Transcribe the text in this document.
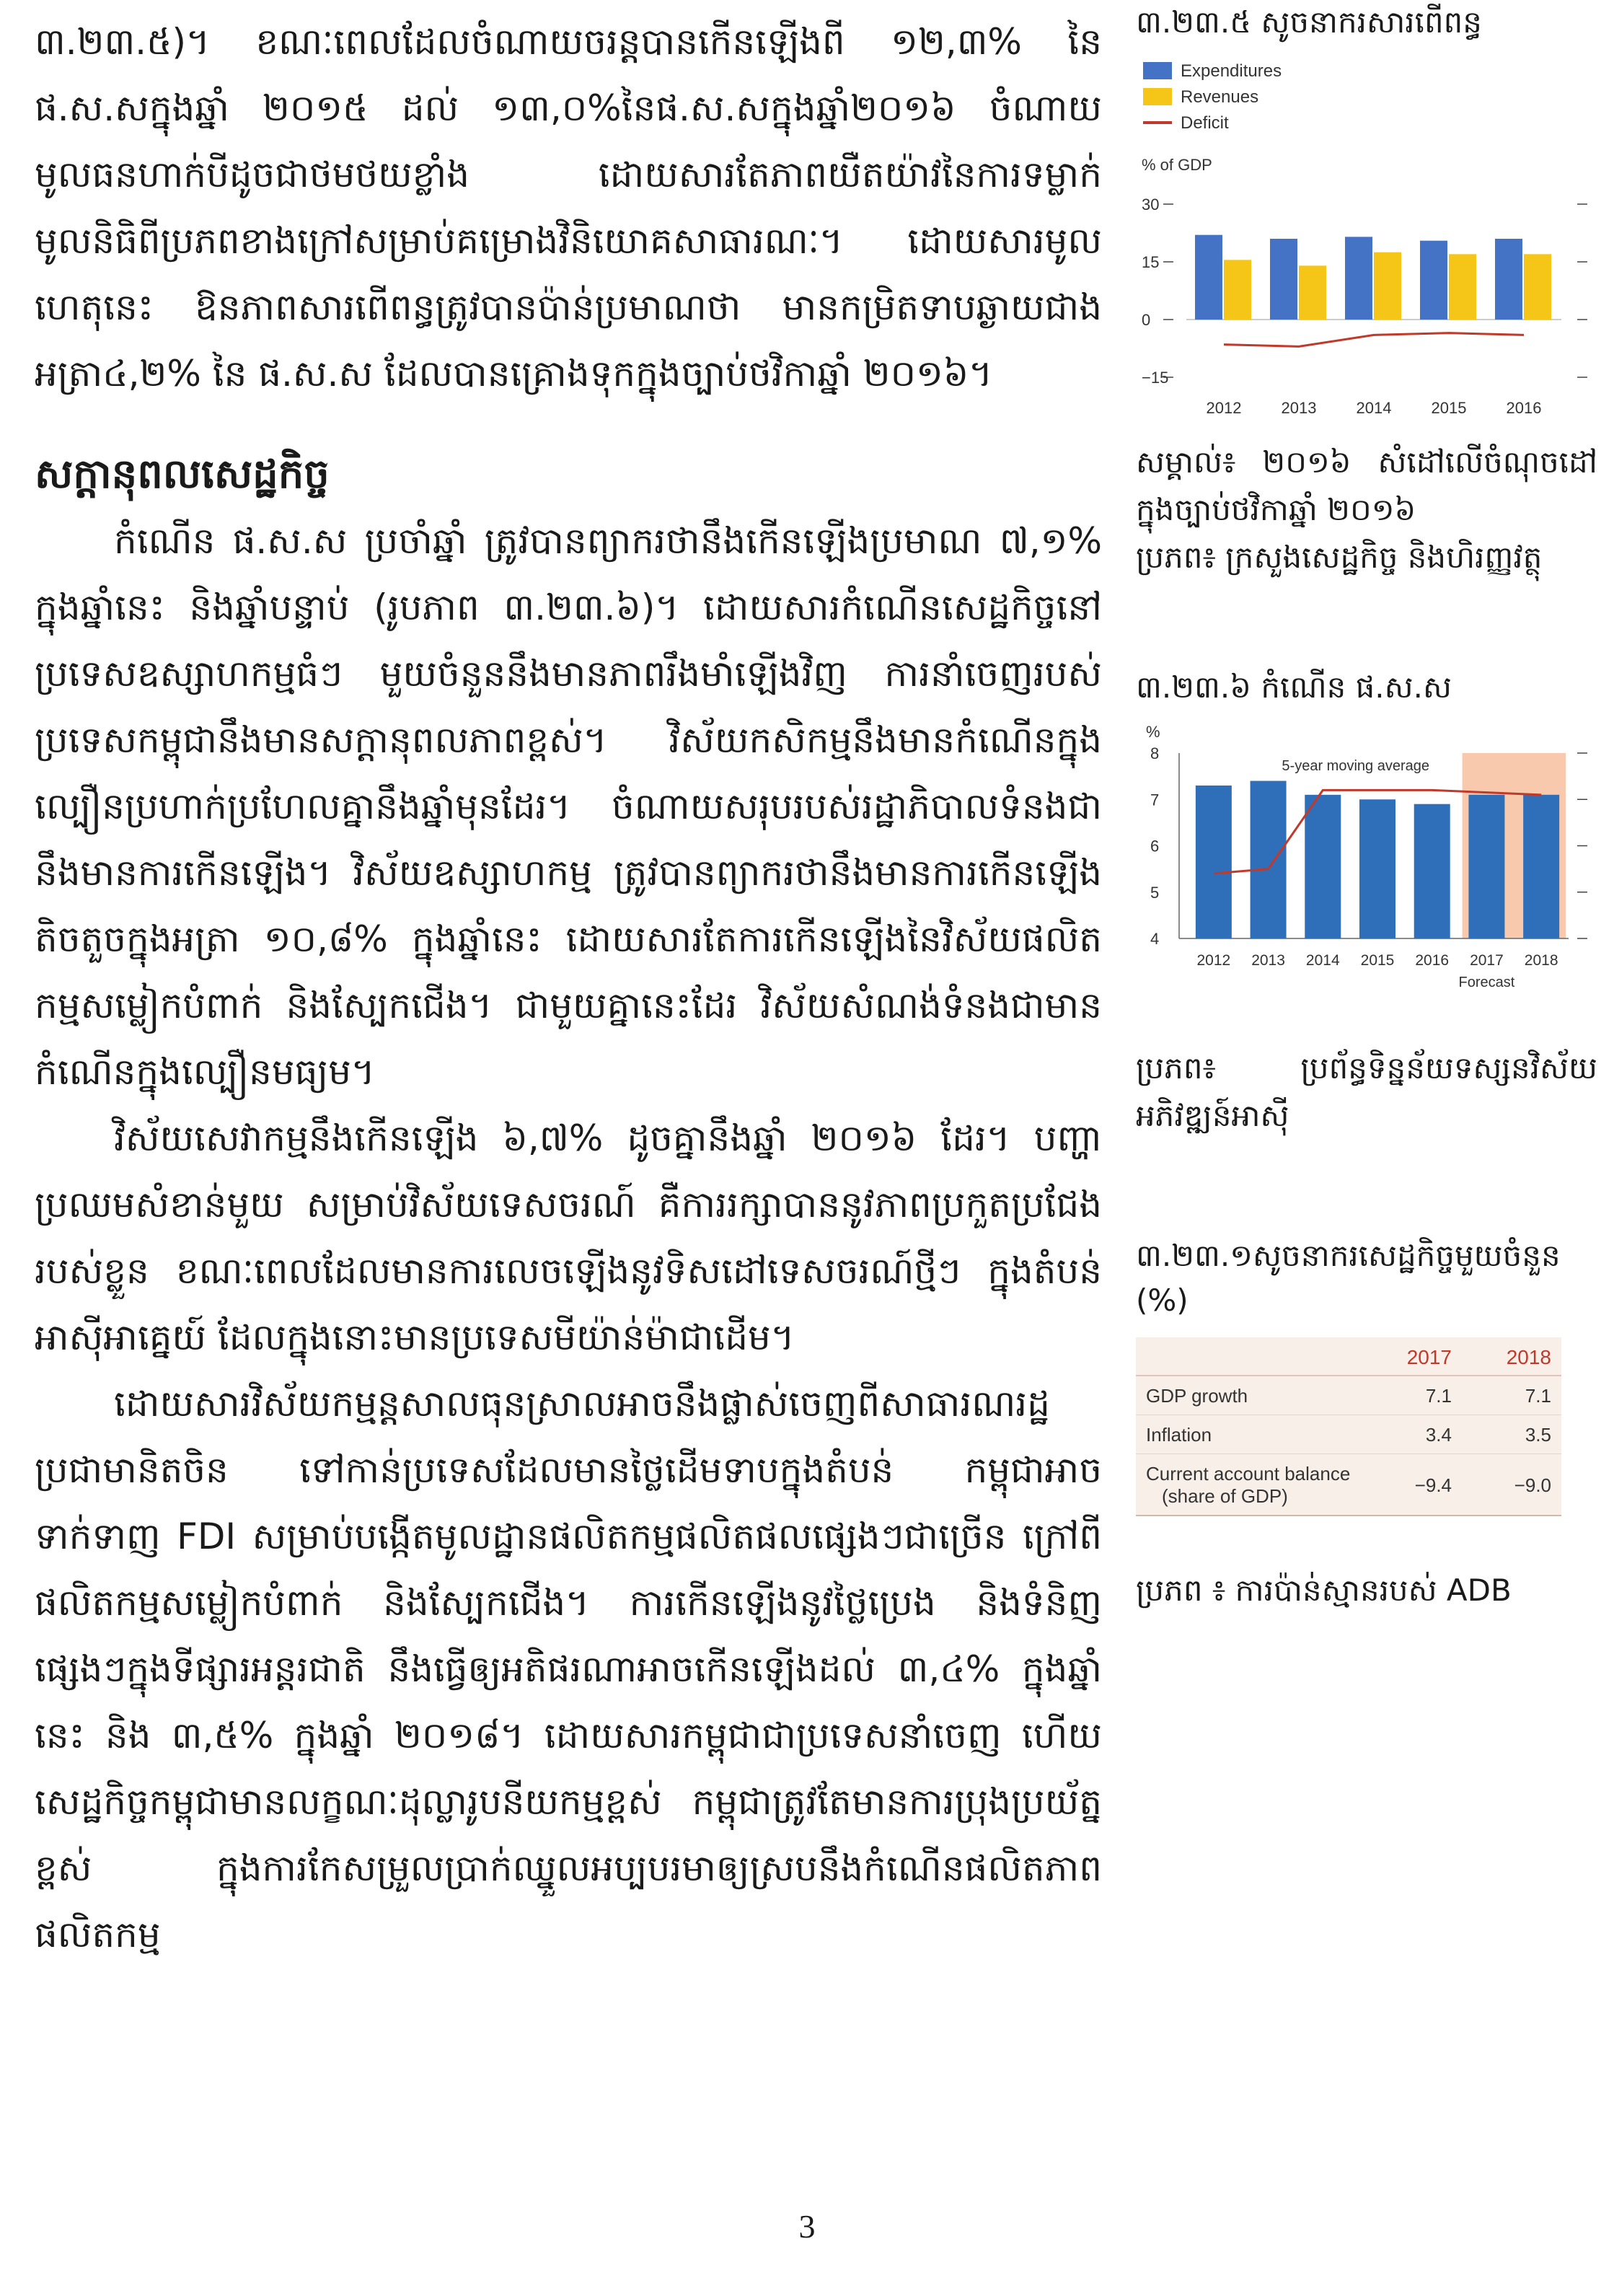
៣.២៣.៥)។ ខណៈពេលដែលចំណាយចរន្តបានកើនឡើងពី ១២,៣% នៃ ផ.ស.សក្នុងឆ្នាំ ២០១៥ ដល់ ១៣,០%នៃផ.ស.សក្នុងឆ្នាំ២០១៦ ចំណាយមូលធនហាក់បីដូចជាថមថយខ្លាំង ដោយសារតែភាពយឺតយ៉ាវនៃការទម្លាក់មូលនិធិពីប្រភពខាងក្រៅសម្រាប់គម្រោងវិនិយោគសាធារណៈ។ ដោយសារមូលហេតុនេះ ឱនភាពសារពើពន្ធត្រូវបានប៉ាន់ប្រមាណថា មានកម្រិតទាបឆ្ងាយជាងអត្រា៤,២% នៃ ផ.ស.ស ដែលបានគ្រោងទុកក្នុងច្បាប់ថវិកាឆ្នាំ ២០១៦។

សក្ដានុពលសេដ្ឋកិច្ច

កំណើន ផ.ស.ស ប្រចាំឆ្នាំ ត្រូវបានព្យាករថានឹងកើនឡើងប្រមាណ ៧,១% ក្នុងឆ្នាំនេះ និងឆ្នាំបន្ទាប់ (រូបភាព ៣.២៣.៦)។ ដោយសារកំណើនសេដ្ឋកិច្ចនៅប្រទេសឧស្សាហកម្មធំៗ មួយចំនួននឹងមានភាពរឹងមាំឡើងវិញ ការនាំចេញរបស់ប្រទេសកម្ពុជានឹងមានសក្ដានុពលភាពខ្ពស់។ វិស័យកសិកម្មនឹងមានកំណើនក្នុងល្បឿនប្រហាក់ប្រហែលគ្នានឹងឆ្នាំមុនដែរ។ ចំណាយសរុបរបស់រដ្ឋាភិបាលទំនងជានឹងមានការកើនឡើង។ វិស័យឧស្សាហកម្ម ត្រូវបានព្យាករថានឹងមានការកើនឡើងតិចតួចក្នុងអត្រា ១០,៨% ក្នុងឆ្នាំនេះ ដោយសារតែការកើនឡើងនៃវិស័យផលិតកម្មសម្លៀកបំពាក់ និងស្បែកជើង។ ជាមួយគ្នានេះដែរ វិស័យសំណង់ទំនងជាមានកំណើនក្នុងល្បឿនមធ្យម។

វិស័យសេវាកម្មនឹងកើនឡើង ៦,៧% ដូចគ្នានឹងឆ្នាំ ២០១៦ ដែរ។ បញ្ហាប្រឈមសំខាន់មួយ សម្រាប់វិស័យទេសចរណ៍ គឺការរក្សាបាននូវភាពប្រកួតប្រជែងរបស់ខ្លួន ខណៈពេលដែលមានការលេចឡើងនូវទិសដៅទេសចរណ៍ថ្មីៗ ក្នុងតំបន់អាស៊ីអាគ្នេយ៍ ដែលក្នុងនោះមានប្រទេសមីយ៉ាន់ម៉ាជាដើម។

ដោយសារវិស័យកម្មន្តសាលធុនស្រាលអាចនឹងផ្លាស់ចេញពីសាធារណរដ្ឋប្រជាមានិតចិន ទៅកាន់ប្រទេសដែលមានថ្លៃដើមទាបក្នុងតំបន់ កម្ពុជាអាចទាក់ទាញ FDI សម្រាប់បង្កើតមូលដ្ឋានផលិតកម្មផលិតផលផ្សេងៗជាច្រើន ក្រៅពីផលិតកម្មសម្លៀកបំពាក់ និងស្បែកជើង។ ការកើនឡើងនូវថ្លៃប្រេង និងទំនិញផ្សេងៗក្នុងទីផ្សារអន្តរជាតិ នឹងធ្វើឲ្យអតិផរណាអាចកើនឡើងដល់ ៣,៤% ក្នុងឆ្នាំនេះ និង ៣,៥% ក្នុងឆ្នាំ ២០១៨។ ដោយសារកម្ពុជាជាប្រទេសនាំចេញ ហើយសេដ្ឋកិច្ចកម្ពុជាមានលក្ខណៈដុល្លារូបនីយកម្មខ្ពស់ កម្ពុជាត្រូវតែមានការប្រុងប្រយ័ត្នខ្ពស់ ក្នុងការកែសម្រួលប្រាក់ឈ្នួលអប្បបរមាឲ្យស្របនឹងកំណើនផលិតភាពផលិតកម្ម

៣.២៣.៥ សូចនាករសារពើពន្ធ

Expenditures
Revenues
Deficit
% of GDP
30
15
0
−15
2012	2013	2014	2015	2016

សម្គាល់៖ ២០១៦ សំដៅលើចំណុចដៅក្នុងច្បាប់ថវិកាឆ្នាំ ២០១៦

ប្រភព៖ ក្រសួងសេដ្ឋកិច្ច និងហិរញ្ញវត្ថុ

៣.២៣.៦ កំណើន ផ.ស.ស

%
8
7
6
5
4
2012 2013 2014 2015 2016 2017 2018
5-year moving average
Forecast

ប្រភព៖ ប្រព័ន្ធទិន្នន័យទស្សនវិស័យអភិវឌ្ឍន៍អាស៊ី

៣.២៣.១សូចនាករសេដ្ឋកិច្ចមួយចំនួន (%)

	2017	2018
GDP growth	7.1	7.1
Inflation	3.4	3.5
Current account balance
(share of GDP)	−9.4	−9.0

ប្រភព ៖ ការប៉ាន់ស្មានរបស់ ADB

3
